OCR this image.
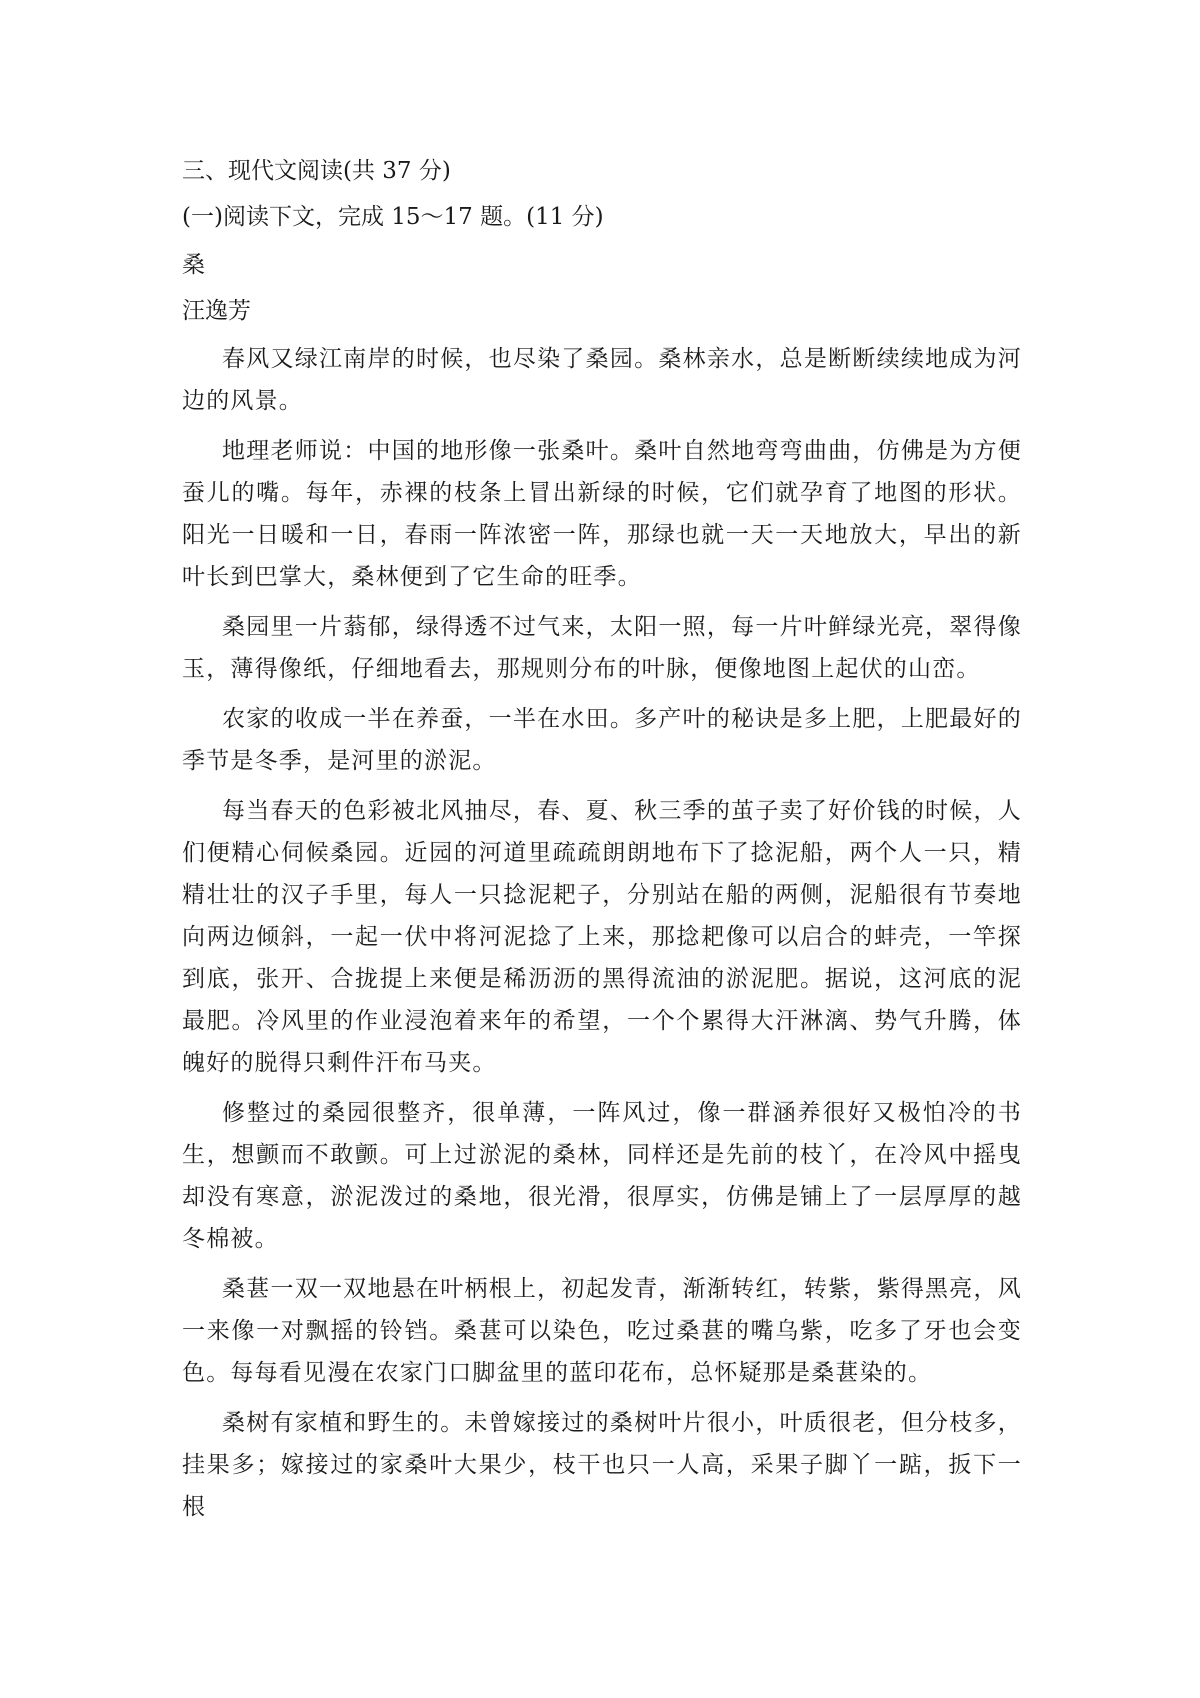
三、现代文阅读(共 37 分)

(一)阅读下文，完成 15～17 题。(11 分)

桑

汪逸芳

春风又绿江南岸的时候，也尽染了桑园。桑林亲水，总是断断续续地成为河边的风景。

地理老师说：中国的地形像一张桑叶。桑叶自然地弯弯曲曲，仿佛是为方便蚕儿的嘴。每年，赤裸的枝条上冒出新绿的时候，它们就孕育了地图的形状。阳光一日暖和一日，春雨一阵浓密一阵，那绿也就一天一天地放大，早出的新叶长到巴掌大，桑林便到了它生命的旺季。

桑园里一片蓊郁，绿得透不过气来，太阳一照，每一片叶鲜绿光亮，翠得像玉，薄得像纸，仔细地看去，那规则分布的叶脉，便像地图上起伏的山峦。

农家的收成一半在养蚕，一半在水田。多产叶的秘诀是多上肥，上肥最好的季节是冬季，是河里的淤泥。

每当春天的色彩被北风抽尽，春、夏、秋三季的茧子卖了好价钱的时候，人们便精心伺候桑园。近园的河道里疏疏朗朗地布下了捻泥船，两个人一只，精精壮壮的汉子手里，每人一只捻泥耙子，分别站在船的两侧，泥船很有节奏地向两边倾斜，一起一伏中将河泥捻了上来，那捻耙像可以启合的蚌壳，一竿探到底，张开、合拢提上来便是稀沥沥的黑得流油的淤泥肥。据说，这河底的泥最肥。冷风里的作业浸泡着来年的希望，一个个累得大汗淋漓、势气升腾，体魄好的脱得只剩件汗布马夹。

修整过的桑园很整齐，很单薄，一阵风过，像一群涵养很好又极怕冷的书生，想颤而不敢颤。可上过淤泥的桑林，同样还是先前的枝丫，在冷风中摇曳却没有寒意，淤泥泼过的桑地，很光滑，很厚实，仿佛是铺上了一层厚厚的越冬棉被。

桑葚一双一双地悬在叶柄根上，初起发青，渐渐转红，转紫，紫得黑亮，风一来像一对飘摇的铃铛。桑葚可以染色，吃过桑葚的嘴乌紫，吃多了牙也会变色。每每看见漫在农家门口脚盆里的蓝印花布，总怀疑那是桑葚染的。

桑树有家植和野生的。未曾嫁接过的桑树叶片很小，叶质很老，但分枝多，挂果多；嫁接过的家桑叶大果少，枝干也只一人高，采果子脚丫一踮，扳下一根
